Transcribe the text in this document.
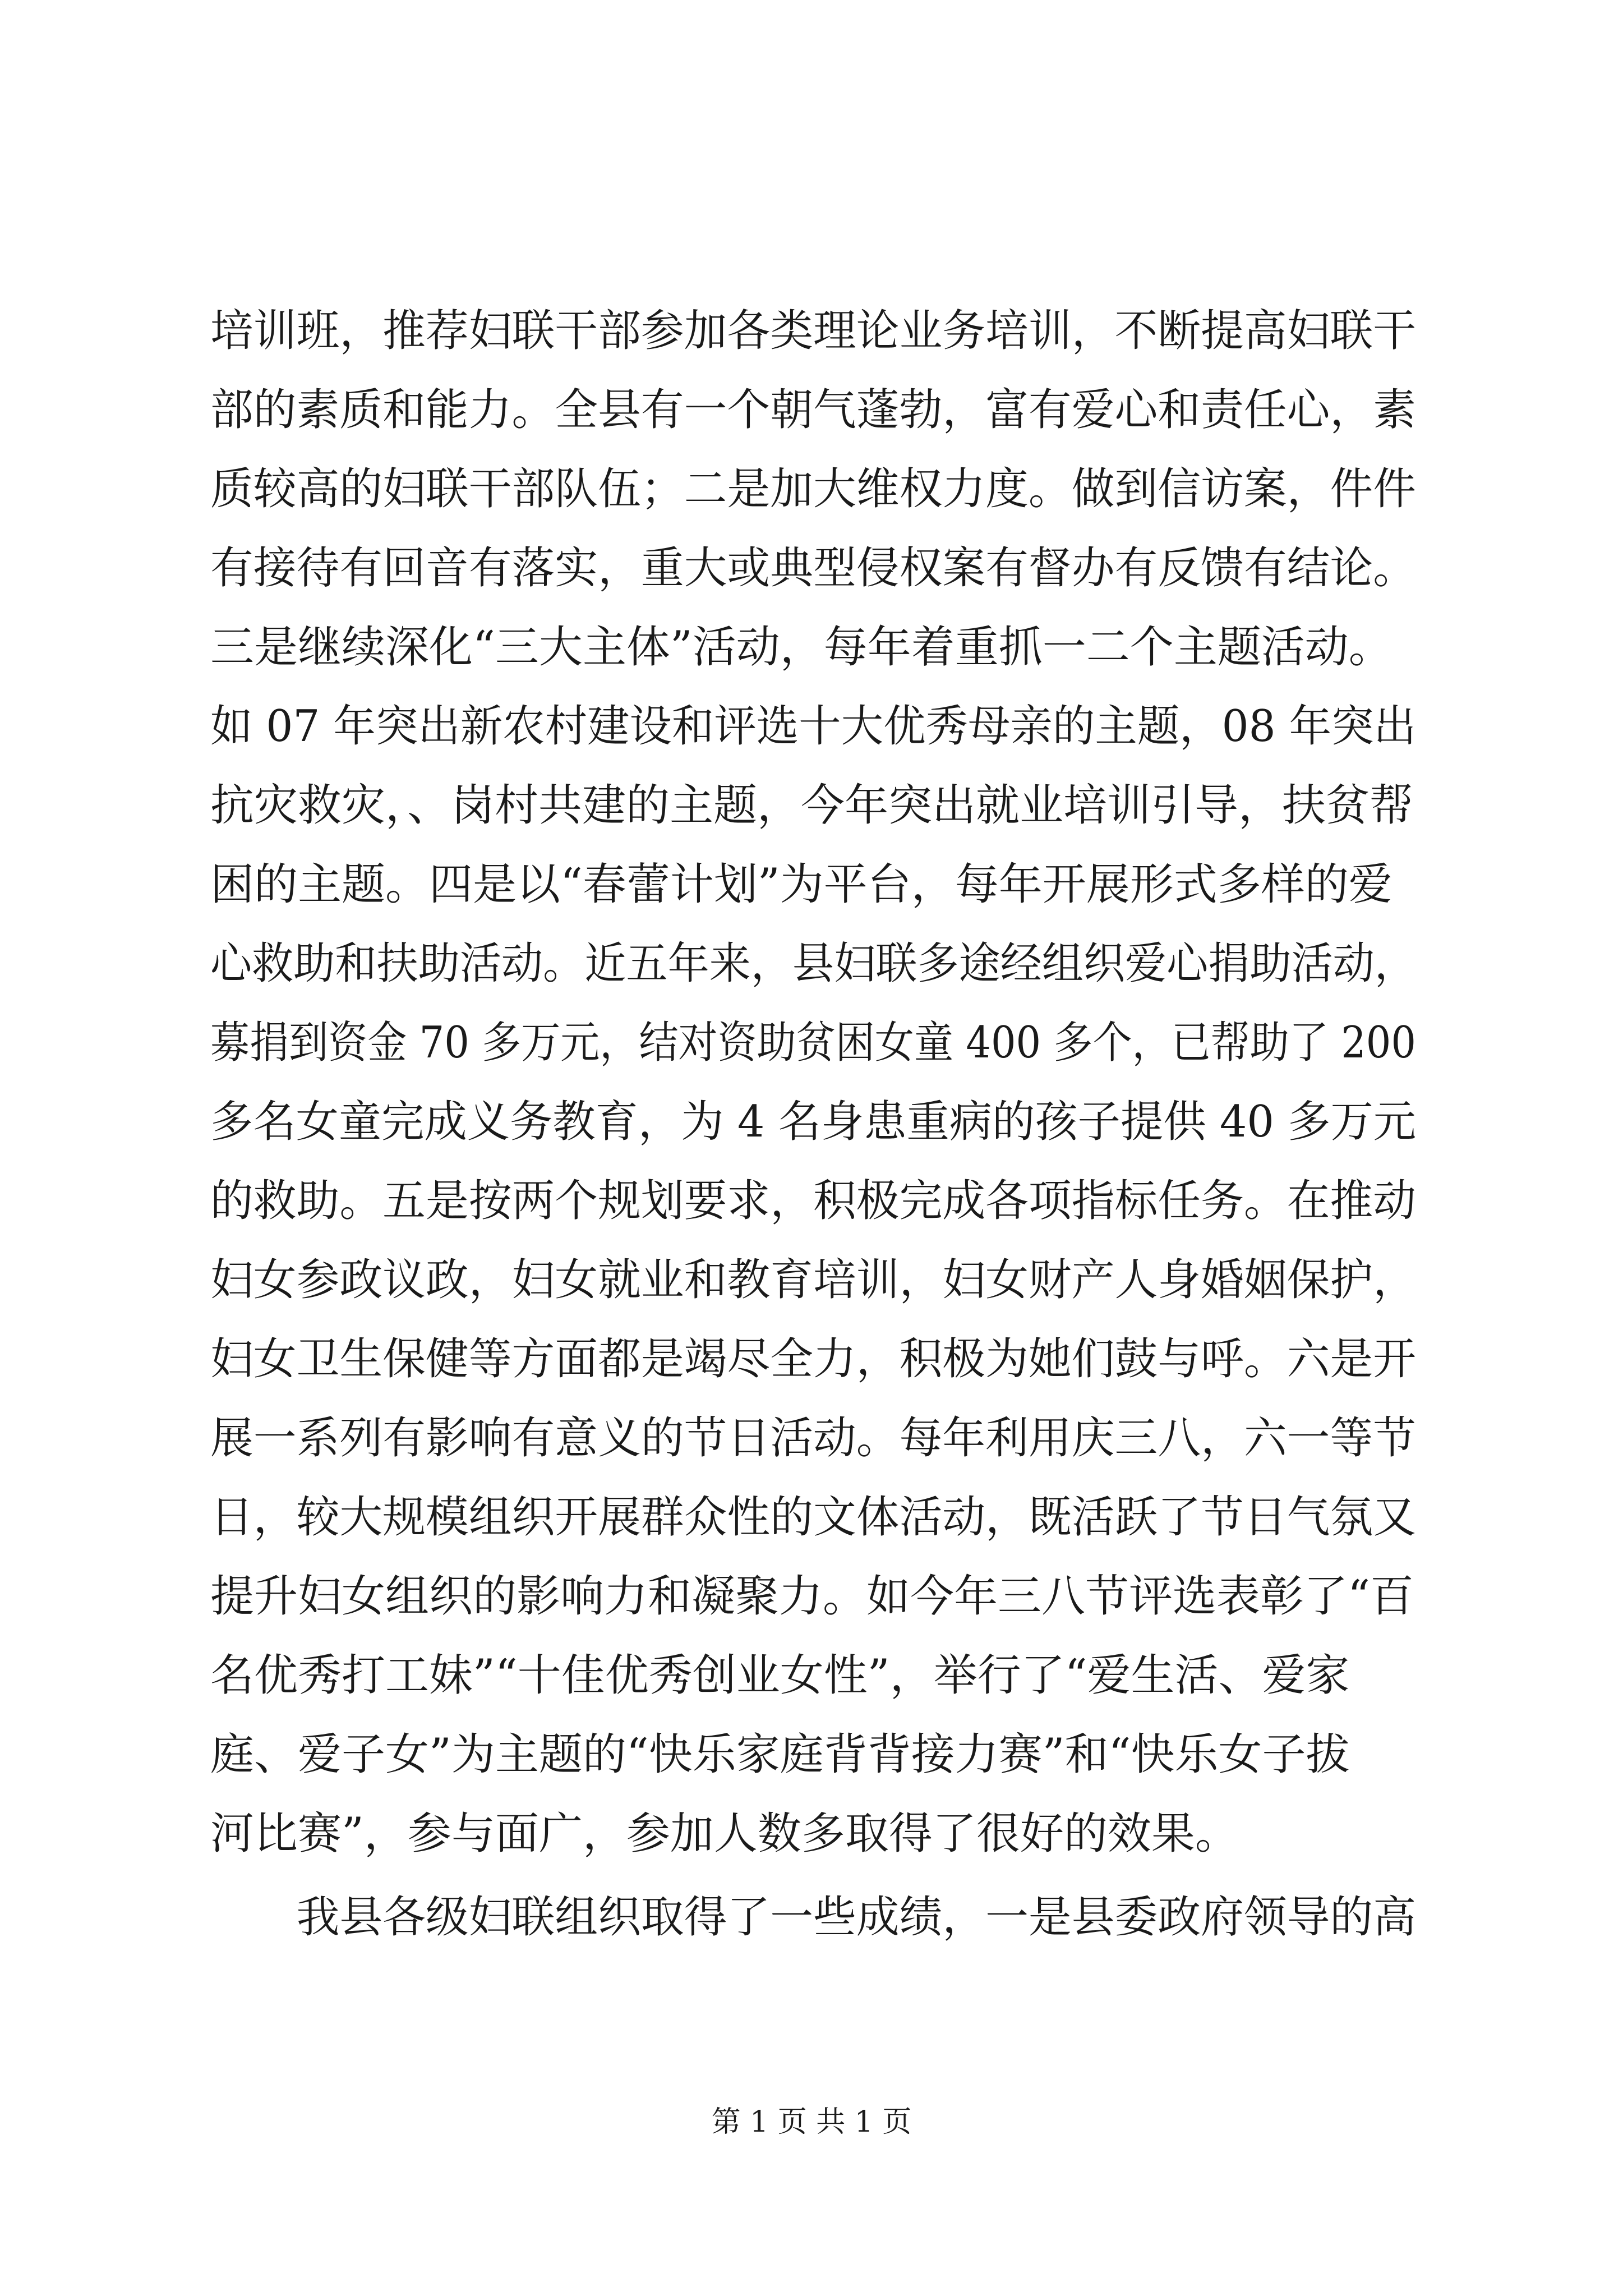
培训班，推荐妇联干部参加各类理论业务培训，不断提高妇联干
部的素质和能力。全县有一个朝气蓬勃，富有爱心和责任心，素
质较高的妇联干部队伍；二是加大维权力度。做到信访案，件件
有接待有回音有落实，重大或典型侵权案有督办有反馈有结论。
三是继续深化“三大主体”活动，每年着重抓一二个主题活动。
如 07 年突出新农村建设和评选十大优秀母亲的主题，08 年突出
抗灾救灾，、岗村共建的主题，今年突出就业培训引导，扶贫帮
困的主题。四是以“春蕾计划”为平台，每年开展形式多样的爱
心救助和扶助活动。近五年来，县妇联多途经组织爱心捐助活动，
募捐到资金 70 多万元，结对资助贫困女童 400 多个，已帮助了 200
多名女童完成义务教育，为 4 名身患重病的孩子提供 40 多万元
的救助。五是按两个规划要求，积极完成各项指标任务。在推动
妇女参政议政，妇女就业和教育培训，妇女财产人身婚姻保护，
妇女卫生保健等方面都是竭尽全力，积极为她们鼓与呼。六是开
展一系列有影响有意义的节日活动。每年利用庆三八，六一等节
日，较大规模组织开展群众性的文体活动，既活跃了节日气氛又
提升妇女组织的影响力和凝聚力。如今年三八节评选表彰了“百
名优秀打工妹”“十佳优秀创业女性”，举行了“爱生活、爱家
庭、爱子女”为主题的“快乐家庭背背接力赛”和“快乐女子拔
河比赛”，参与面广，参加人数多取得了很好的效果。
　　我县各级妇联组织取得了一些成绩，一是县委政府领导的高
第 1 页 共 1 页
